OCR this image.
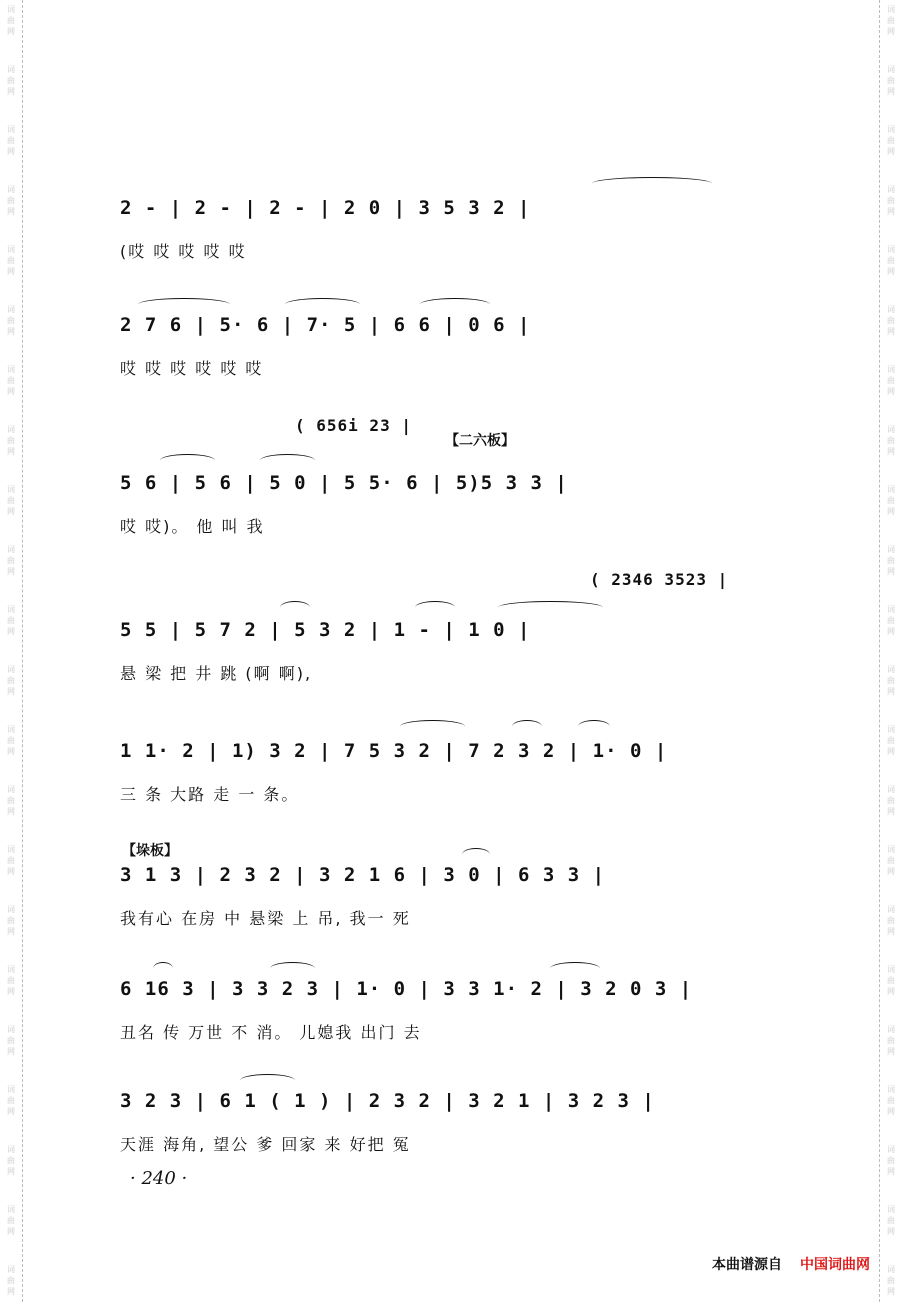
词
曲
网
词
曲
网
词
曲
网
词
曲
网
词
曲
网
词
曲
网
词
曲
网
词
曲
网
词
曲
网
词
曲
网
词
曲
网
词
曲
网
词
曲
网
词
曲
网
词
曲
网
词
曲
网
词
曲
网
词
曲
网
词
曲
网
词
曲
网
词
曲
网
词
曲
网
词
曲
网
词
曲
网
词
曲
网
词
曲
网
词
曲
网
词
曲
网
词
曲
网
词
曲
网
词
曲
网
词
曲
网
词
曲
网
词
曲
网
词
曲
网
词
曲
网
词
曲
网
词
曲
网
词
曲
网
词
曲
网
词
曲
网
词
曲
网
词
曲
网
词
曲
网
2 - | 2 - | 2 - | 2 0 | 3 5 3 2 |
(哎 哎 哎 哎 哎
2 7 6 | 5· 6 | 7· 5 | 6 6 | 0 6 |
哎 哎 哎 哎 哎 哎
( 656i 23 |
【二六板】
5 6 | 5 6 | 5 0 | 5 5· 6 | 5)5 3 3 |
哎 哎)。 他 叫 我
( 2346 3523 |
5 5 | 5 7 2 | 5 3 2 | 1 - | 1 0 |
悬 梁 把 井 跳 (啊 啊),
1 1· 2 | 1) 3 2 | 7 5 3 2 | 7 2 3 2 | 1· 0 |
三 条 大路 走 一 条。
【垛板】
3 1 3 | 2 3 2 | 3 2 1 6 | 3 0 | 6 3 3 |
我有心 在房 中 悬梁 上 吊, 我一 死
6 16 3 | 3 3 2 3 | 1· 0 | 3 3 1· 2 | 3 2 0 3 |
丑名 传 万世 不 消。 儿媳我 出门 去
3 2 3 | 6 1 ( 1 ) | 2 3 2 | 3 2 1 | 3 2 3 |
天涯 海角, 望公 爹 回家 来 好把 冤
· 240 ·
本曲谱源自 中国词曲网
